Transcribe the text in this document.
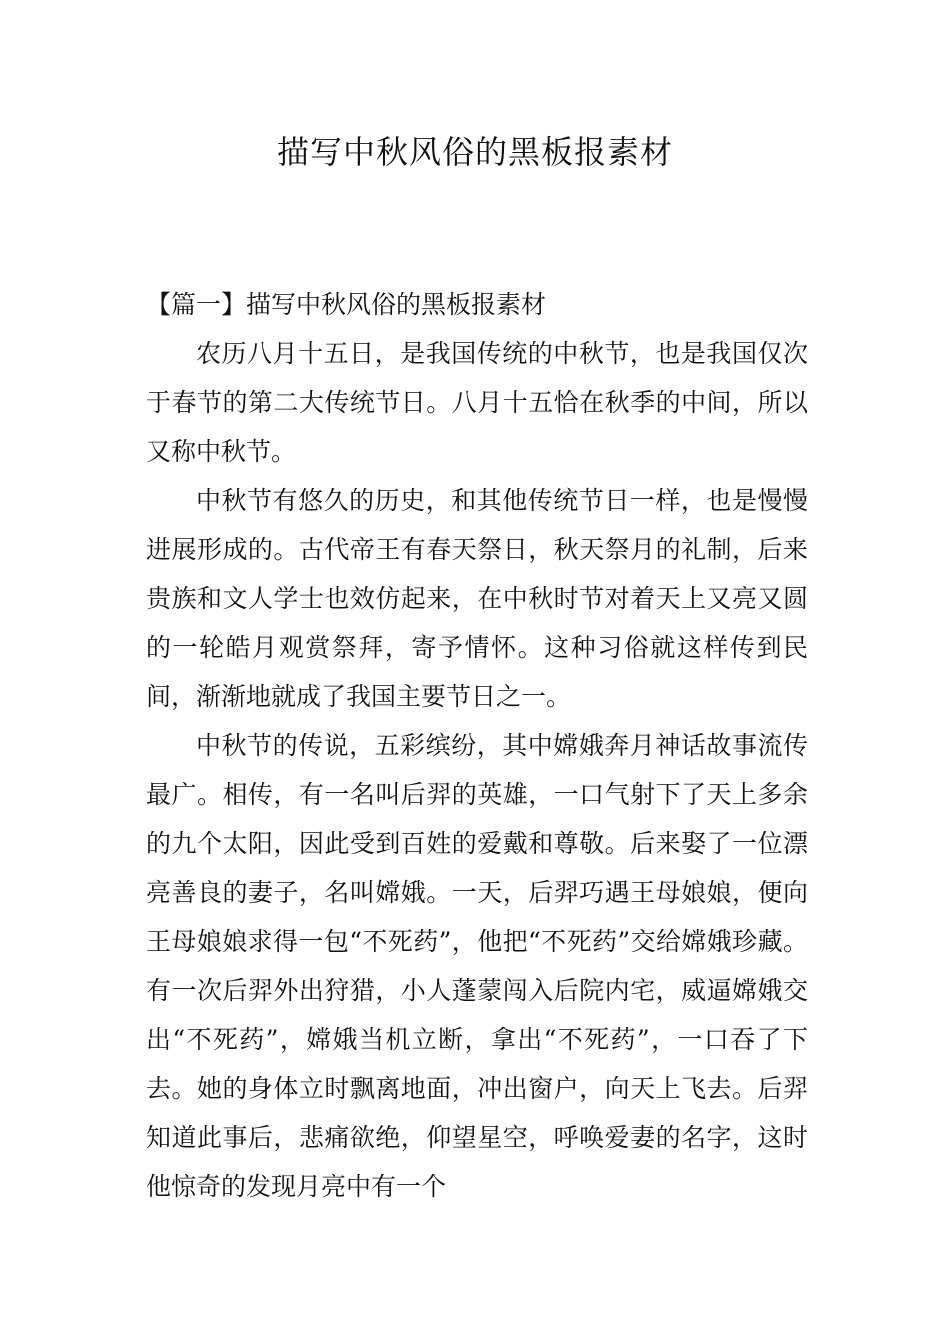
描写中秋风俗的黑板报素材

【篇一】描写中秋风俗的黑板报素材

农历八月十五日，是我国传统的中秋节，也是我国仅次于春节的第二大传统节日。八月十五恰在秋季的中间，所以又称中秋节。

中秋节有悠久的历史，和其他传统节日一样，也是慢慢进展形成的。古代帝王有春天祭日，秋天祭月的礼制，后来贵族和文人学士也效仿起来，在中秋时节对着天上又亮又圆的一轮皓月观赏祭拜，寄予情怀。这种习俗就这样传到民间，渐渐地就成了我国主要节日之一。

中秋节的传说，五彩缤纷，其中嫦娥奔月神话故事流传最广。相传，有一名叫后羿的英雄，一口气射下了天上多余的九个太阳，因此受到百姓的爱戴和尊敬。后来娶了一位漂亮善良的妻子，名叫嫦娥。一天，后羿巧遇王母娘娘，便向王母娘娘求得一包“不死药”，他把“不死药”交给嫦娥珍藏。有一次后羿外出狩猎，小人蓬蒙闯入后院内宅，威逼嫦娥交出“不死药”，嫦娥当机立断，拿出“不死药”，一口吞了下去。她的身体立时飘离地面，冲出窗户，向天上飞去。后羿知道此事后，悲痛欲绝，仰望星空，呼唤爱妻的名字，这时他惊奇的发现月亮中有一个
